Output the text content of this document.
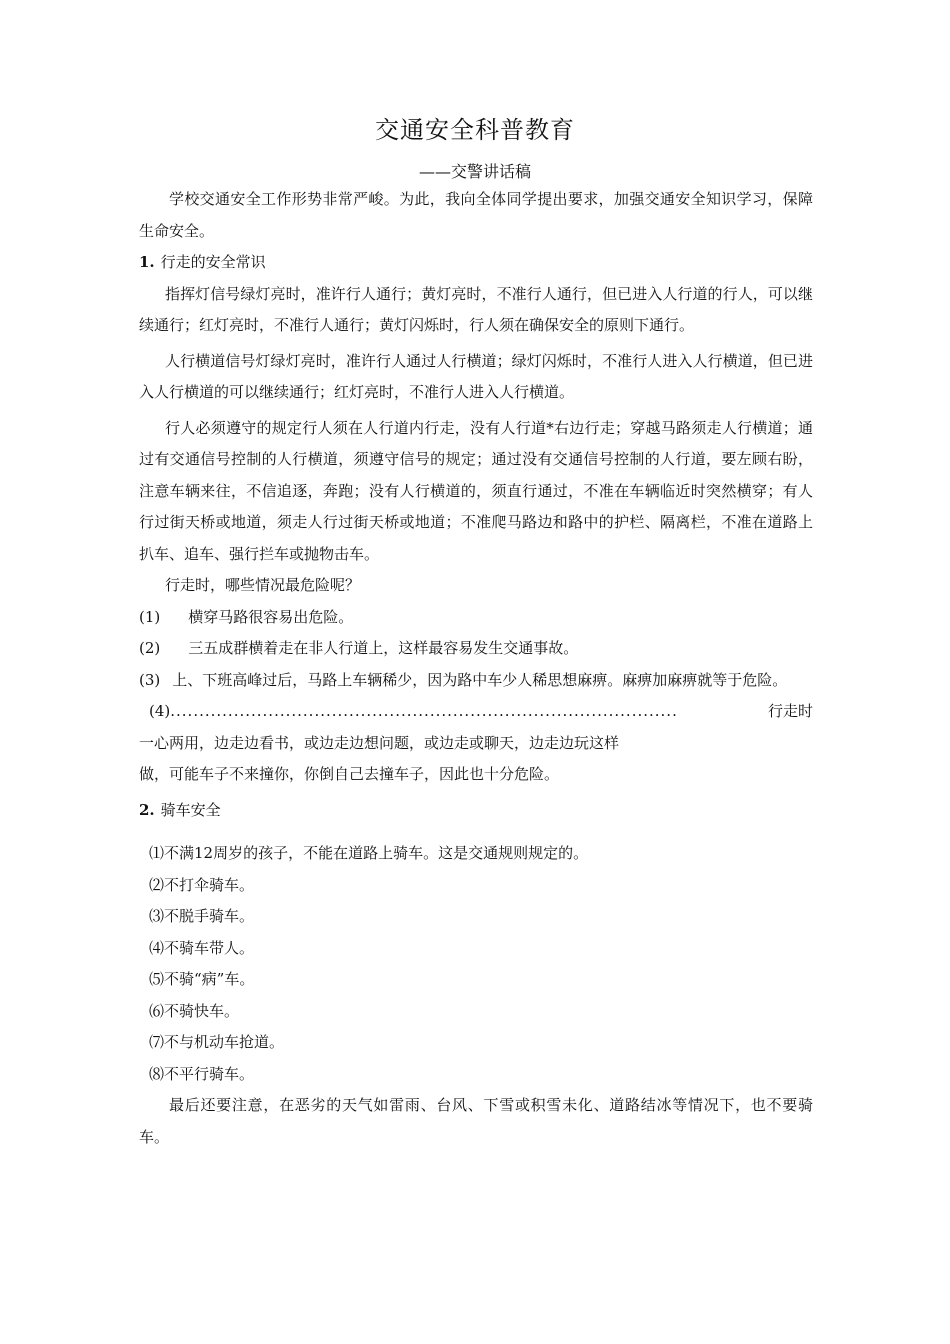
交通安全科普教育
——交警讲话稿

学校交通安全工作形势非常严峻。为此，我向全体同学提出要求，加强交通安全知识学习，保障生命安全。

1. 行走的安全常识

指挥灯信号绿灯亮时，准许行人通行；黄灯亮时，不准行人通行，但已进入人行道的行人，可以继续通行；红灯亮时，不准行人通行；黄灯闪烁时，行人须在确保安全的原则下通行。

人行横道信号灯绿灯亮时，准许行人通过人行横道；绿灯闪烁时，不准行人进入人行横道，但已进入人行横道的可以继续通行；红灯亮时，不准行人进入人行横道。

行人必须遵守的规定行人须在人行道内行走，没有人行道*右边行走；穿越马路须走人行横道；通过有交通信号控制的人行横道，须遵守信号的规定；通过没有交通信号控制的人行道，要左顾右盼，注意车辆来往，不信追逐，奔跑；没有人行横道的，须直行通过，不准在车辆临近时突然横穿；有人行过街天桥或地道，须走人行过街天桥或地道；不准爬马路边和路中的护栏、隔离栏，不准在道路上扒车、追车、强行拦车或抛物击车。

行走时，哪些情况最危险呢？

(1) 横穿马路很容易出危险。

(2) 三五成群横着走在非人行道上，这样最容易发生交通事故。

(3) 上、下班高峰过后，马路上车辆稀少，因为路中车少人稀思想麻痹。麻痹加麻痹就等于危险。

(4) ........................................................................................	行走时

一心两用，边走边看书，或边走边想问题，或边走或聊天，边走边玩这样

做，可能车子不来撞你，你倒自己去撞车子，因此也十分危险。

2. 骑车安全

⑴不满12周岁的孩子，不能在道路上骑车。这是交通规则规定的。

⑵不打伞骑车。

⑶不脱手骑车。

⑷不骑车带人。

⑸不骑“病”车。

⑹不骑快车。

⑺不与机动车抢道。

⑻不平行骑车。

最后还要注意，在恶劣的天气如雷雨、台风、下雪或积雪未化、道路结冰等情况下，也不要骑车。
